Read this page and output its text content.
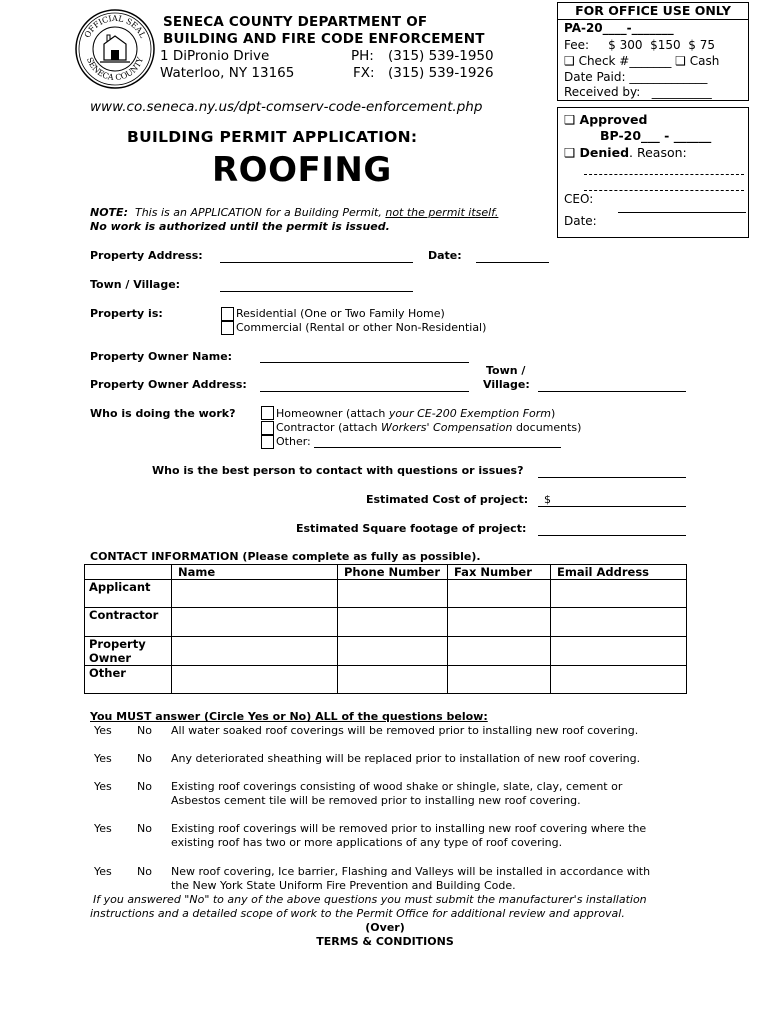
OFFICIAL SEAL
SENECA COUNTY
SENECA COUNTY DEPARTMENT OF
BUILDING AND FIRE CODE ENFORCEMENT
1 DiPronio Drive
Waterloo, NY 13165
PH: (315) 539-1950
FX: (315) 539-1926
www.co.seneca.ny.us/dpt-comserv-code-enforcement.php
BUILDING PERMIT APPLICATION:
ROOFING
NOTE: This is an APPLICATION for a Building Permit, not the permit itself.
No work is authorized until the permit is issued.
FOR OFFICE USE ONLY
PA-20____-_______
Fee:     $ 300  $150  $ 75
❑ Check #_______ ❑ Cash
Date Paid: _____________
Received by:   __________
❑ Approved
BP-20___ - ______
❑ Denied. Reason:
CEO:
Date:
Property Address:	Date:
Town / Village:
Property is:	Residential (One or Two Family Home)
Commercial (Rental or other Non-Residential)
Property Owner Name:
Property Owner Address:
Town /
Village:
Who is doing the work?	Homeowner (attach your CE-200 Exemption Form)
Contractor (attach Workers' Compensation documents)
Other:
Who is the best person to contact with questions or issues?
Estimated Cost of project: $
Estimated Square footage of project:
CONTACT INFORMATION (Please complete as fully as possible).
	Name	Phone Number	Fax Number	Email Address
Applicant				
Contractor				
Property Owner				
Other				
You MUST answer (Circle Yes or No) ALL of the questions below:
Yes No All water soaked roof coverings will be removed prior to installing new roof covering.
Yes No Any deteriorated sheathing will be replaced prior to installation of new roof covering.
Yes No Existing roof coverings consisting of wood shake or shingle, slate, clay, cement or
Asbestos cement tile will be removed prior to installing new roof covering.
Yes No Existing roof coverings will be removed prior to installing new roof covering where the
existing roof has two or more applications of any type of roof covering.
Yes No New roof covering, Ice barrier, Flashing and Valleys will be installed in accordance with
the New York State Uniform Fire Prevention and Building Code.
If you answered "No" to any of the above questions you must submit the manufacturer's installation
instructions and a detailed scope of work to the Permit Office for additional review and approval.
(Over)
TERMS & CONDITIONS
